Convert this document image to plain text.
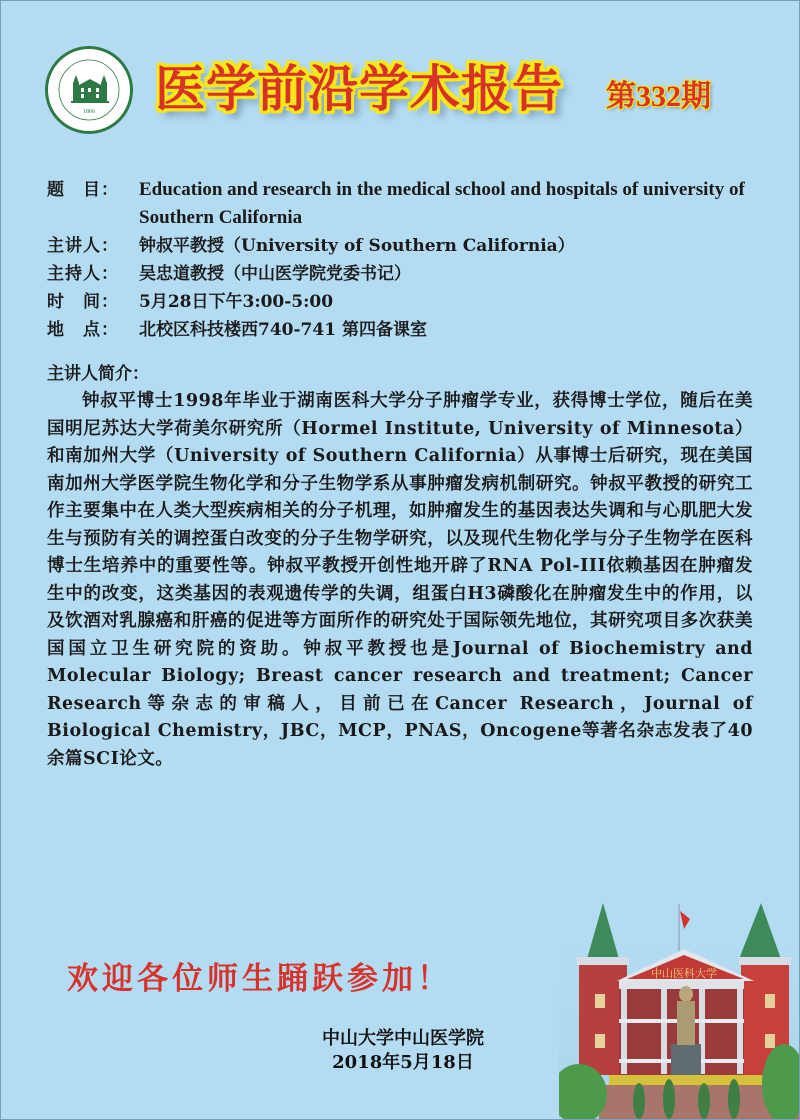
1866	医学前沿学术报告 第332期
题　目：	Education and research in the medical school and hospitals of university of Southern California
主讲人：	钟叔平教授（University of Southern California）
主持人：	吴忠道教授（中山医学院党委书记）
时　间：	5月28日下午3:00-5:00
地　点：	北校区科技楼西740-741 第四备课室
主讲人简介：
钟叔平博士1998年毕业于湖南医科大学分子肿瘤学专业，获得博士学位，随后在美国明尼苏达大学荷美尔研究所（Hormel Institute, University of Minnesota）和南加州大学（University of Southern California）从事博士后研究，现在美国南加州大学医学院生物化学和分子生物学系从事肿瘤发病机制研究。钟叔平教授的研究工作主要集中在人类大型疾病相关的分子机理，如肿瘤发生的基因表达失调和与心肌肥大发生与预防有关的调控蛋白改变的分子生物学研究，以及现代生物化学与分子生物学在医科博士生培养中的重要性等。钟叔平教授开创性地开辟了RNA Pol-III依赖基因在肿瘤发生中的改变，这类基因的表观遗传学的失调，组蛋白H3磷酸化在肿瘤发生中的作用，以及饮酒对乳腺癌和肝癌的促进等方面所作的研究处于国际领先地位，其研究项目多次获美国国立卫生研究院的资助。钟叔平教授也是Journal of Biochemistry and Molecular Biology; Breast cancer research and treatment; Cancer Research等杂志的审稿人，目前已在Cancer Research，Journal of Biological Chemistry，JBC，MCP，PNAS，Oncogene等著名杂志发表了40余篇SCI论文。
欢迎各位师生踊跃参加！
中山大学中山医学院
2018年5月18日
中山医科大学
